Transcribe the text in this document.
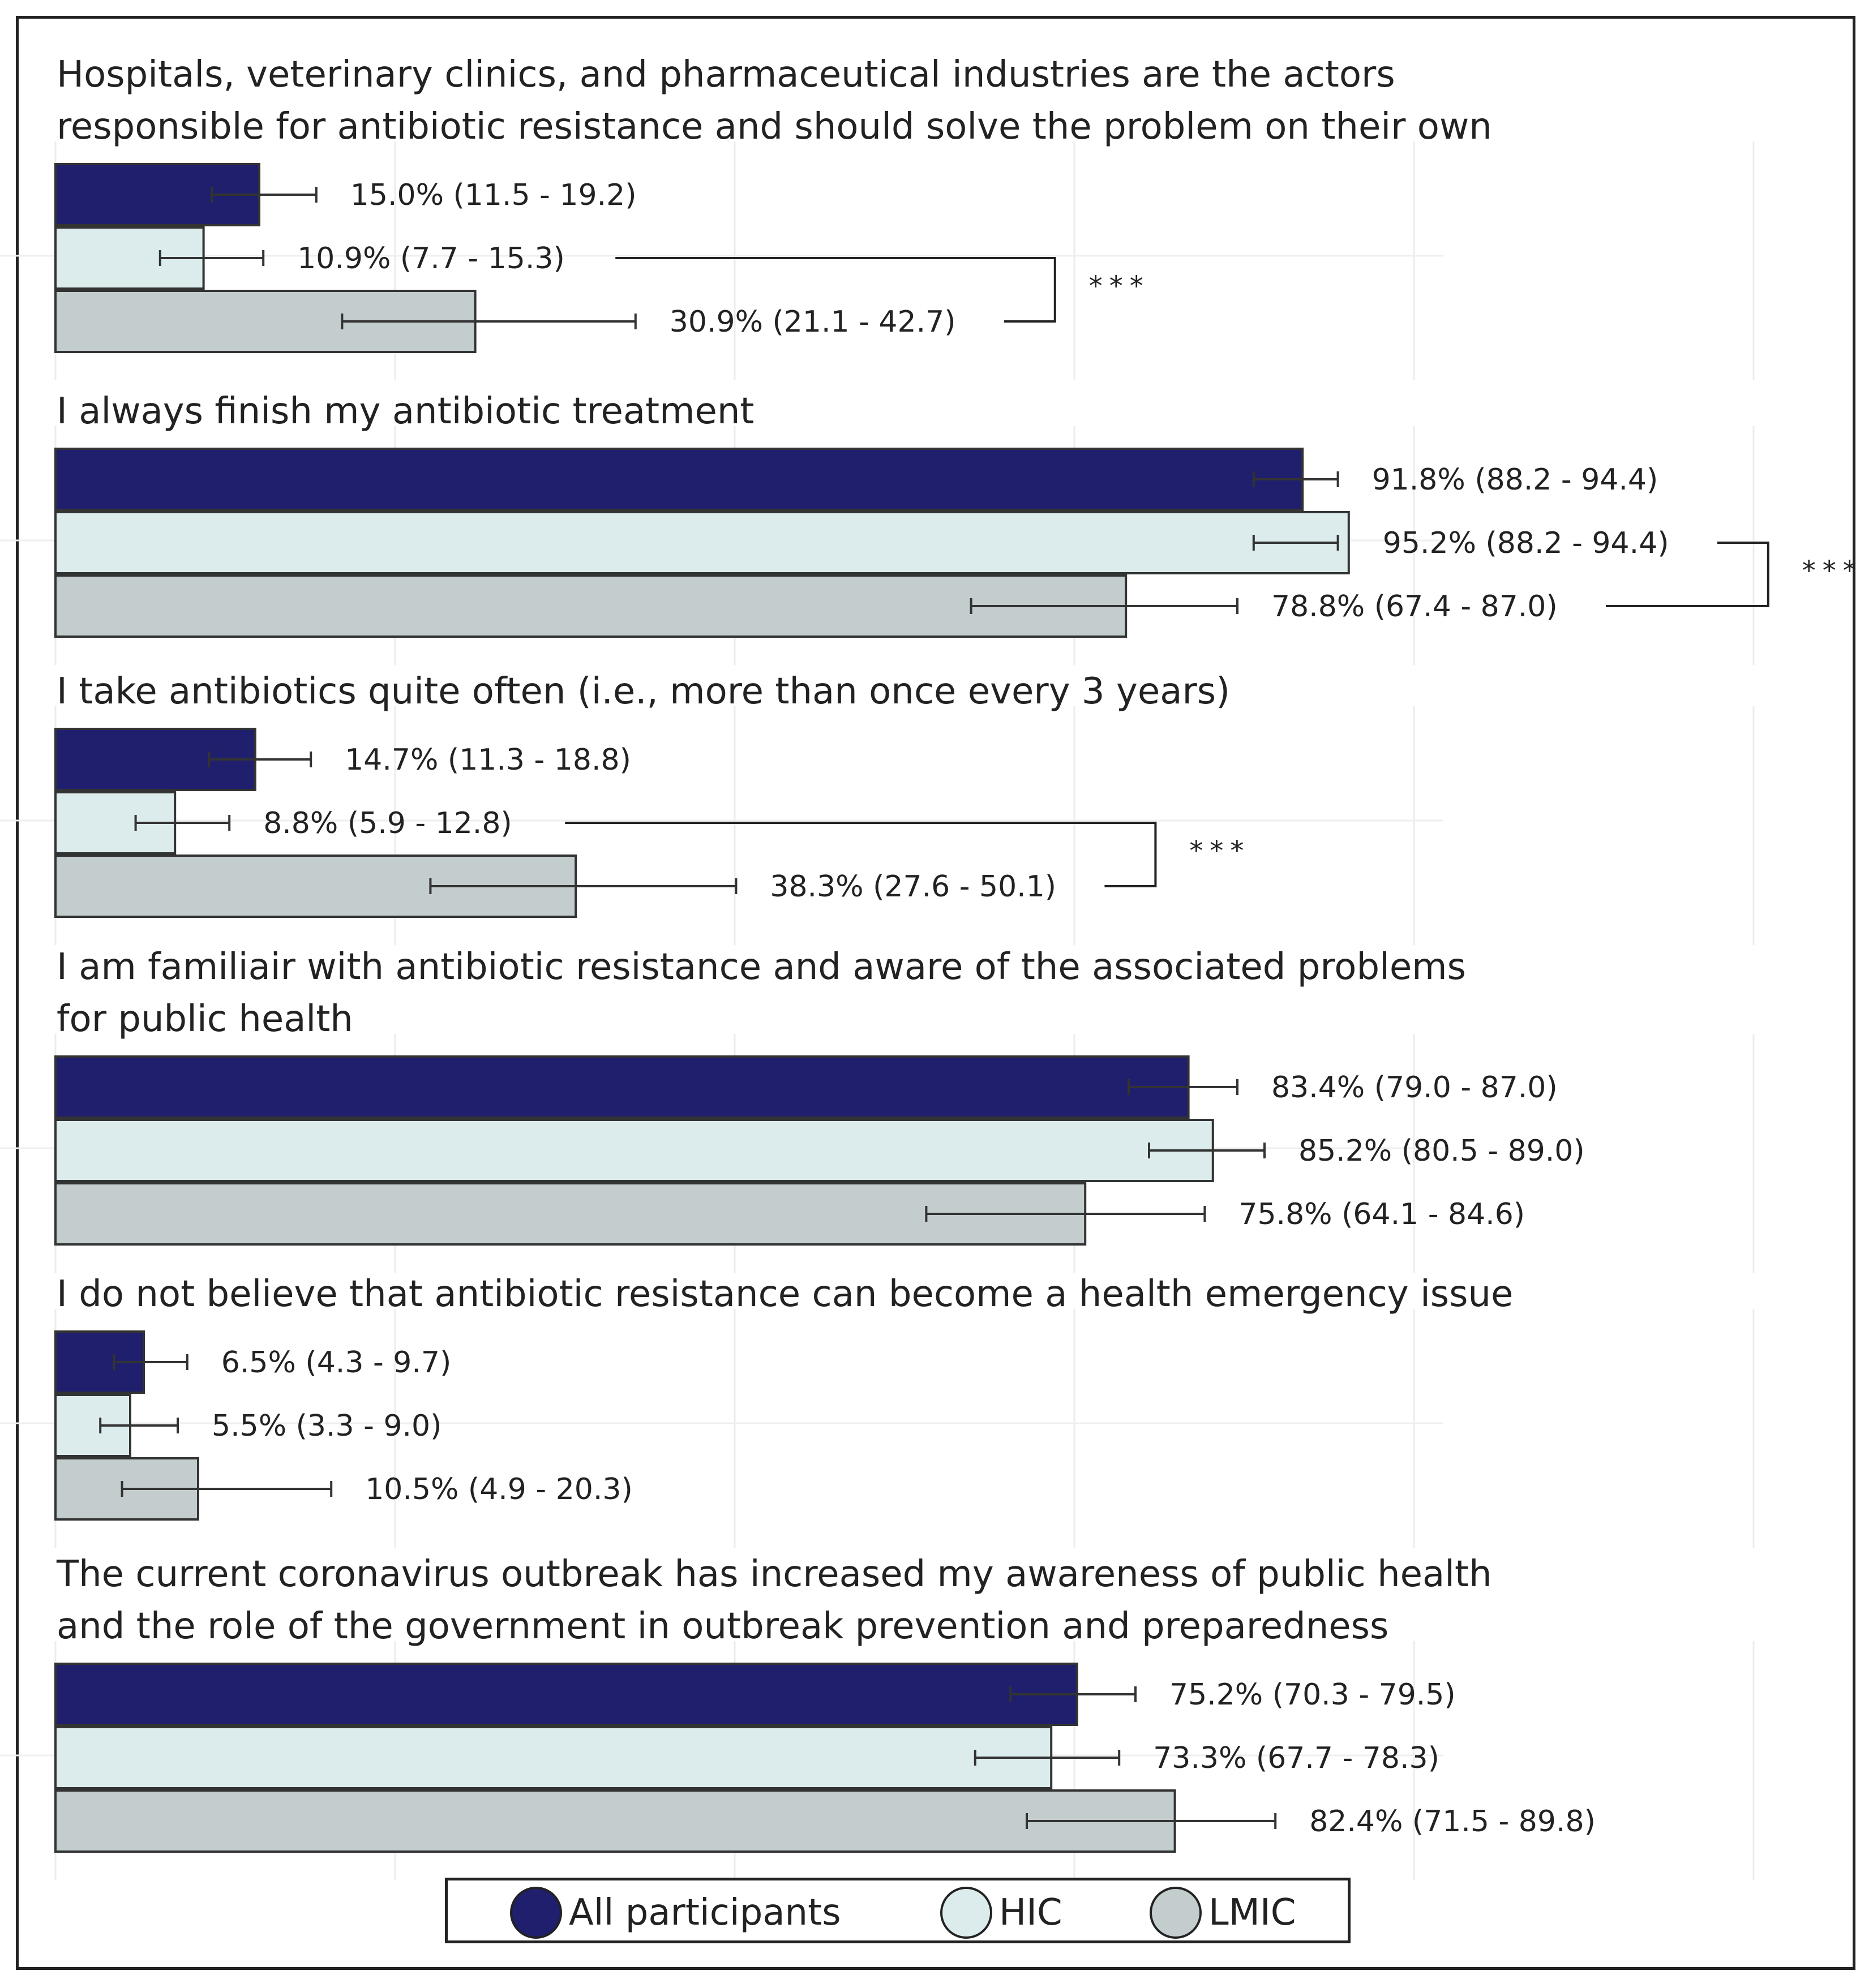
Hospitals, veterinary clinics, and pharmaceutical industries are the actors
responsible for antibiotic resistance and should solve the problem on their own
15.0% (11.5 - 19.2)
10.9% (7.7 - 15.3)
30.9% (21.1 - 42.7)
***
I always finish my antibiotic treatment
91.8% (88.2 - 94.4)
95.2% (88.2 - 94.4)
78.8% (67.4 - 87.0)
***
I take antibiotics quite often (i.e., more than once every 3 years)
14.7% (11.3 - 18.8)
8.8% (5.9 - 12.8)
38.3% (27.6 - 50.1)
***
I am familiair with antibiotic resistance and aware of the associated problems
for public health
83.4% (79.0 - 87.0)
85.2% (80.5 - 89.0)
75.8% (64.1 - 84.6)
I do not believe that antibiotic resistance can become a health emergency issue
6.5% (4.3 - 9.7)
5.5% (3.3 - 9.0)
10.5% (4.9 - 20.3)
The current coronavirus outbreak has increased my awareness of public health
and the role of the government in outbreak prevention and preparedness
75.2% (70.3 - 79.5)
73.3% (67.7 - 78.3)
82.4% (71.5 - 89.8)
All participants	HIC	LMIC
